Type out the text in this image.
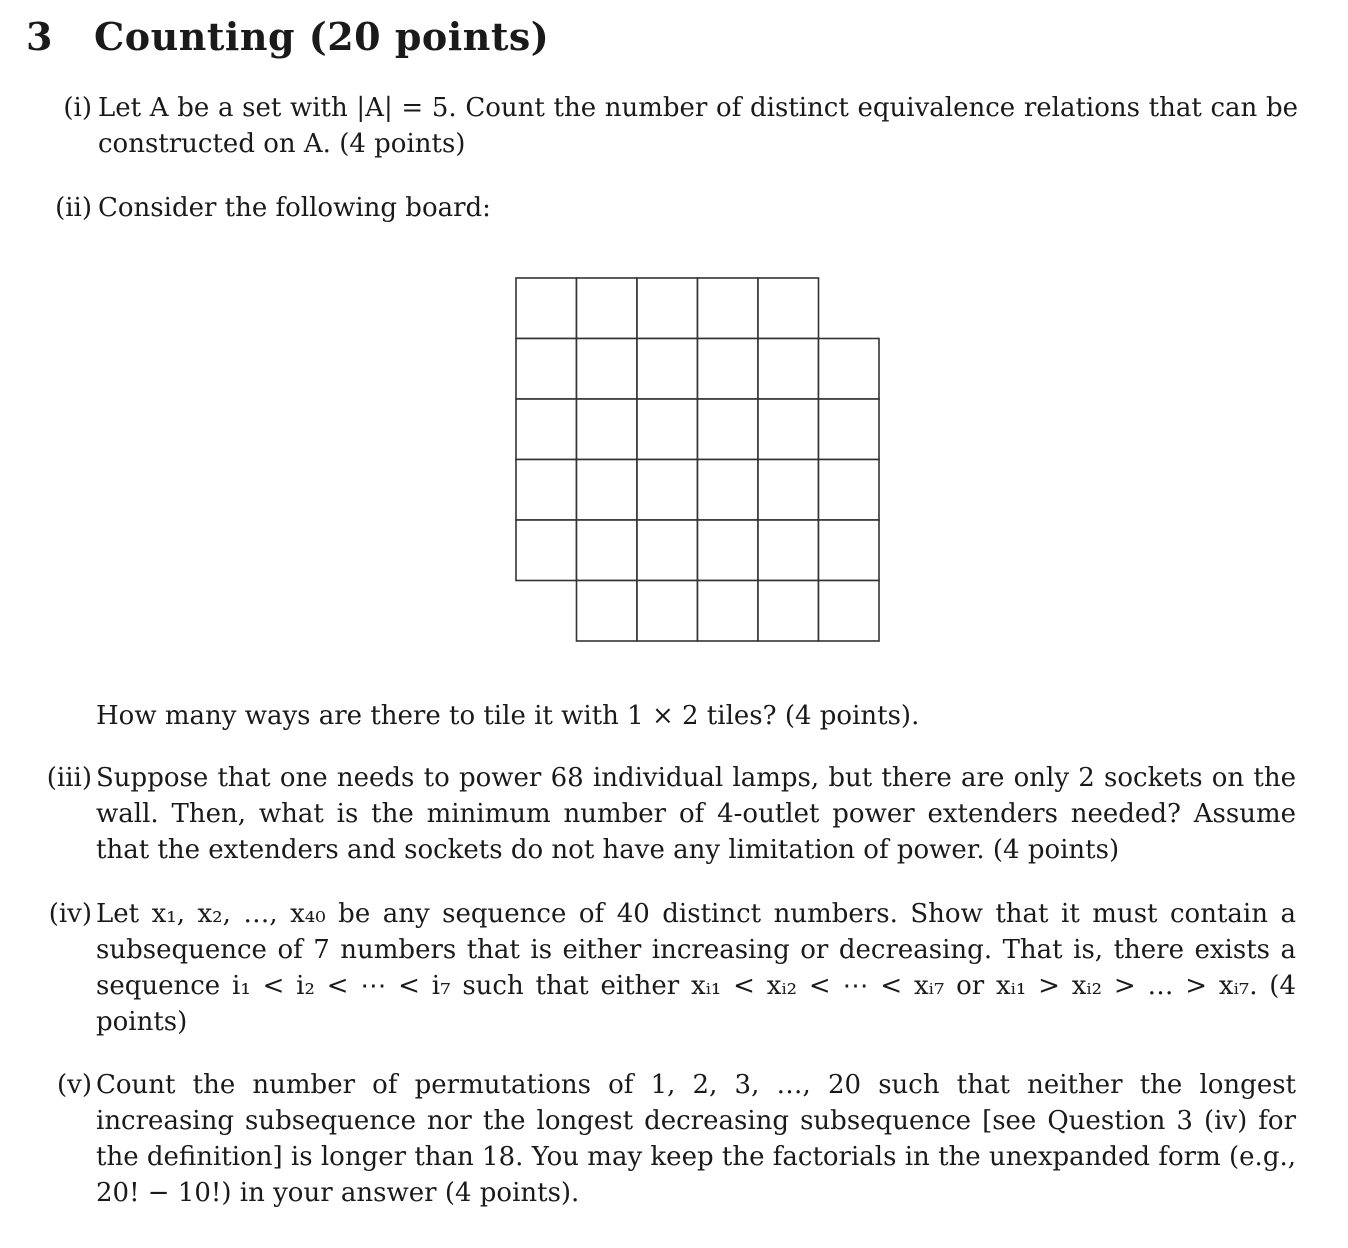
3 Counting (20 points)
(i) Let A be a set with |A| = 5. Count the number of distinct equivalence relations that can be constructed on A. (4 points)
(ii) Consider the following board:
How many ways are there to tile it with 1 × 2 tiles? (4 points).
(iii) Suppose that one needs to power 68 individual lamps, but there are only 2 sockets on the wall. Then, what is the minimum number of 4-outlet power extenders needed? Assume that the extenders and sockets do not have any limitation of power. (4 points)
(iv) Let x₁, x₂, …, x₄₀ be any sequence of 40 distinct numbers. Show that it must contain a subsequence of 7 numbers that is either increasing or decreasing. That is, there exists a sequence i₁ < i₂ < ⋯ < i₇ such that either xᵢ₁ < xᵢ₂ < ⋯ < xᵢ₇ or xᵢ₁ > xᵢ₂ > … > xᵢ₇. (4 points)
(v) Count the number of permutations of 1, 2, 3, …, 20 such that neither the longest increasing subsequence nor the longest decreasing subsequence [see Question 3 (iv) for the definition] is longer than 18. You may keep the factorials in the unexpanded form (e.g., 20! − 10!) in your answer (4 points).
